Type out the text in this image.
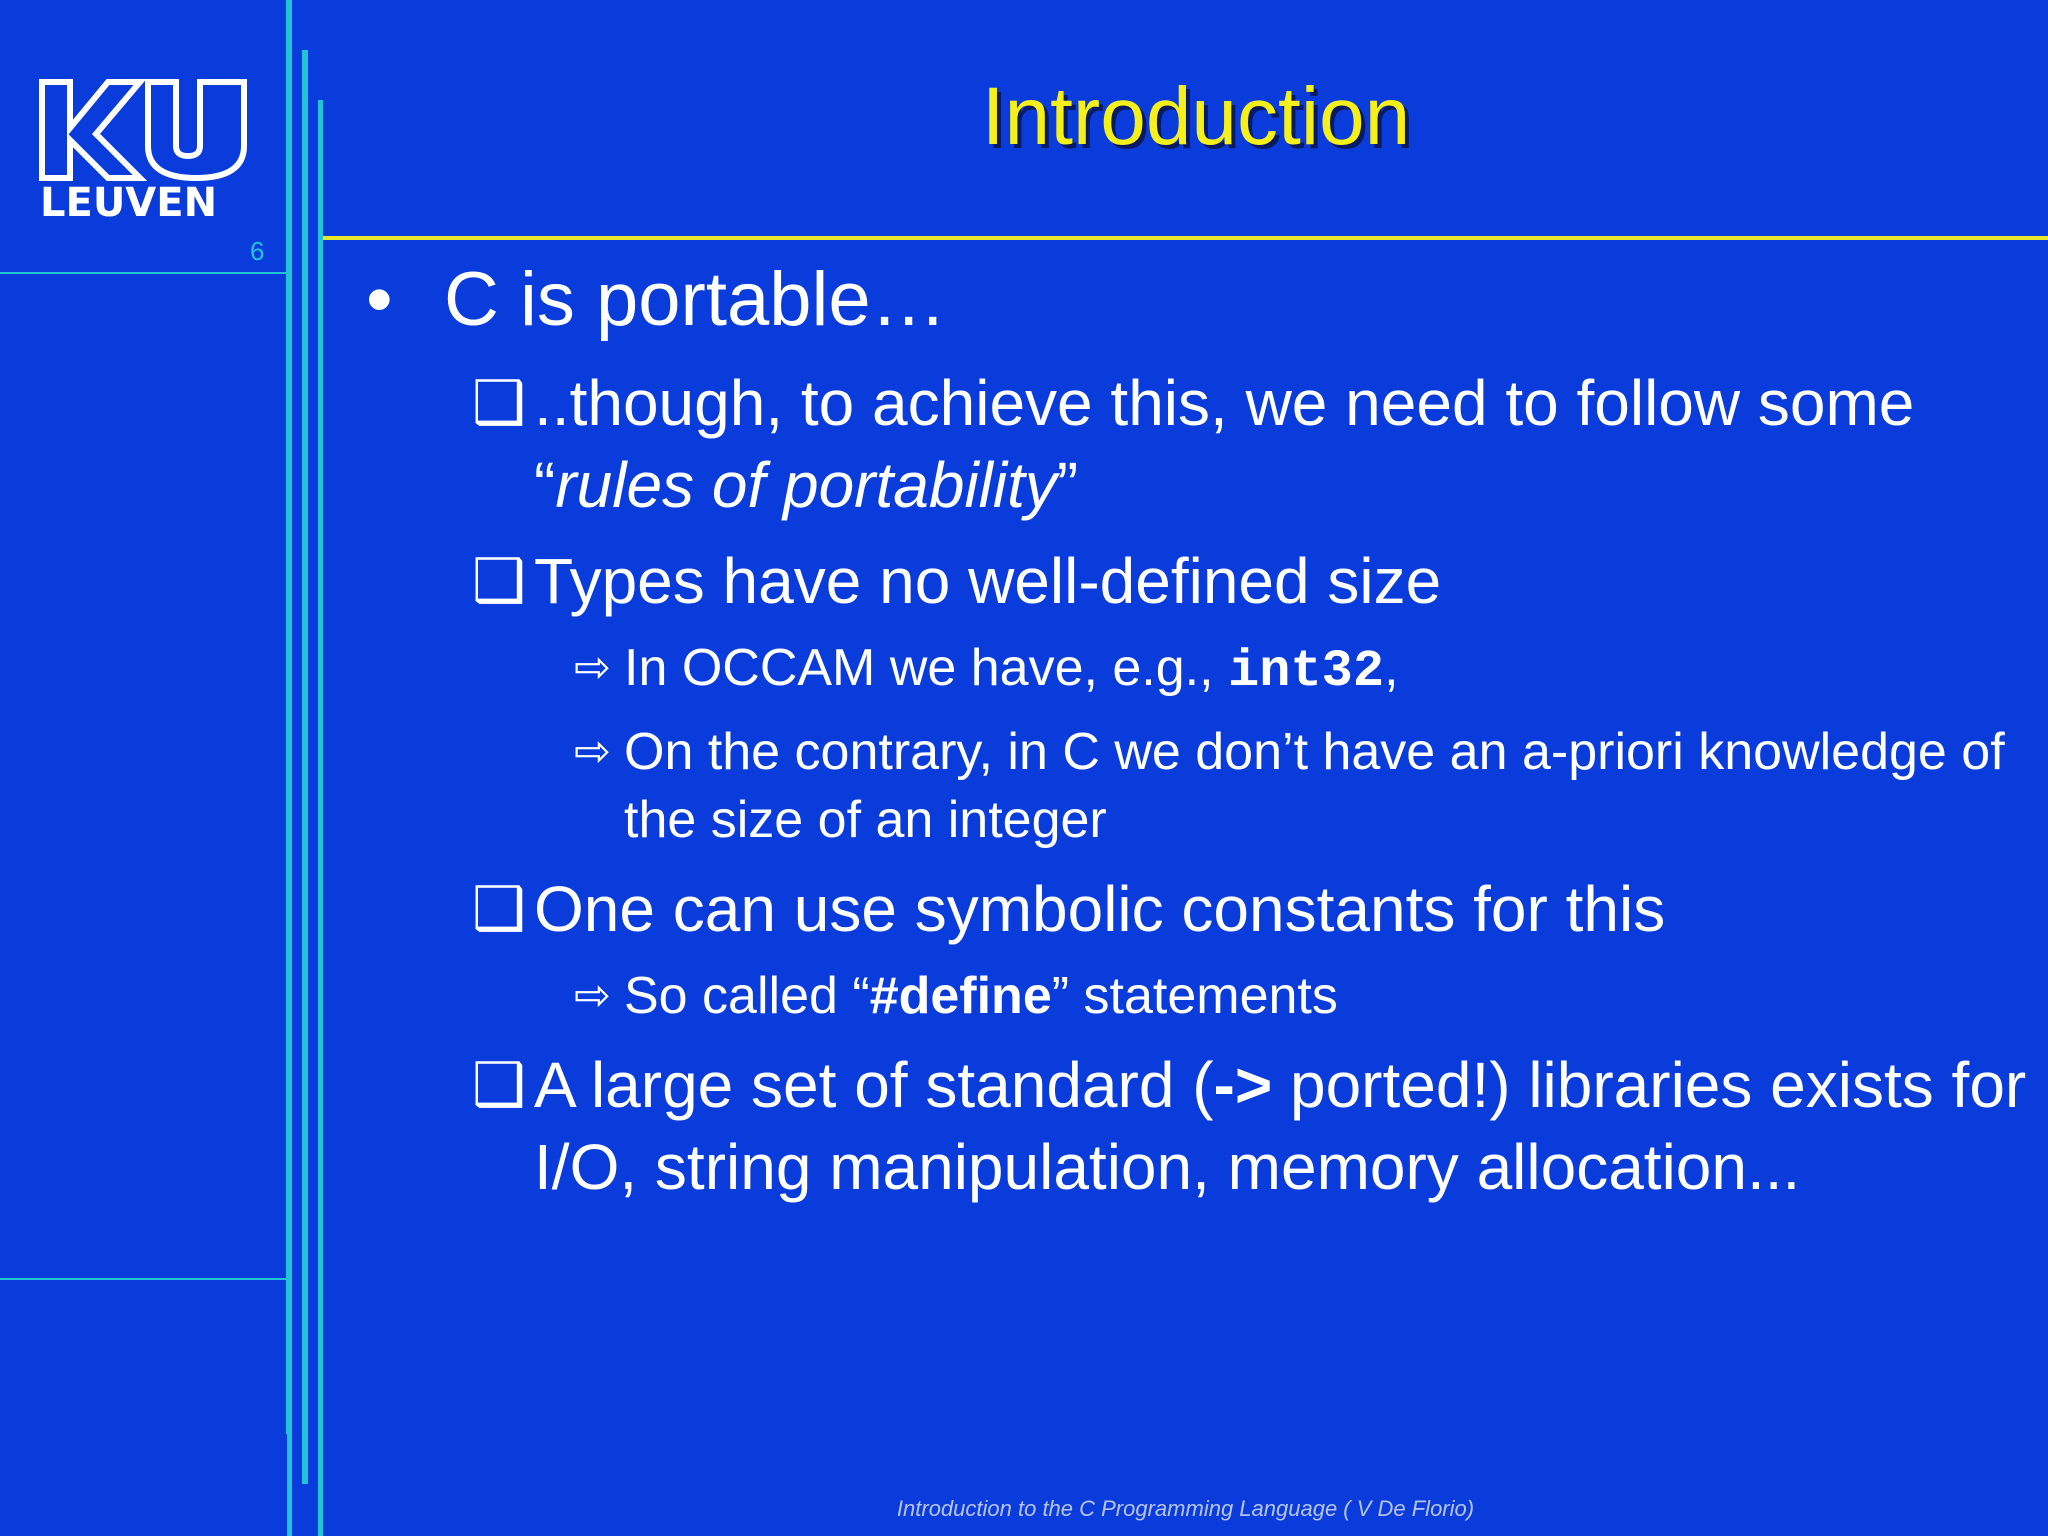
LEUVEN
6
Introduction
• C is portable…
❑ ..though, to achieve this, we need to follow some “rules of portability”
❑ Types have no well-defined size
⇨ In OCCAM we have, e.g., int32,
⇨ On the contrary, in C we don’t have an a-priori knowledge of the size of an integer
❑ One can use symbolic constants for this
⇨ So called “#define” statements
❑ A large set of standard (-> ported!) libraries exists for I/O, string manipulation, memory allocation...
Introduction to the C Programming Language ( V De Florio)
